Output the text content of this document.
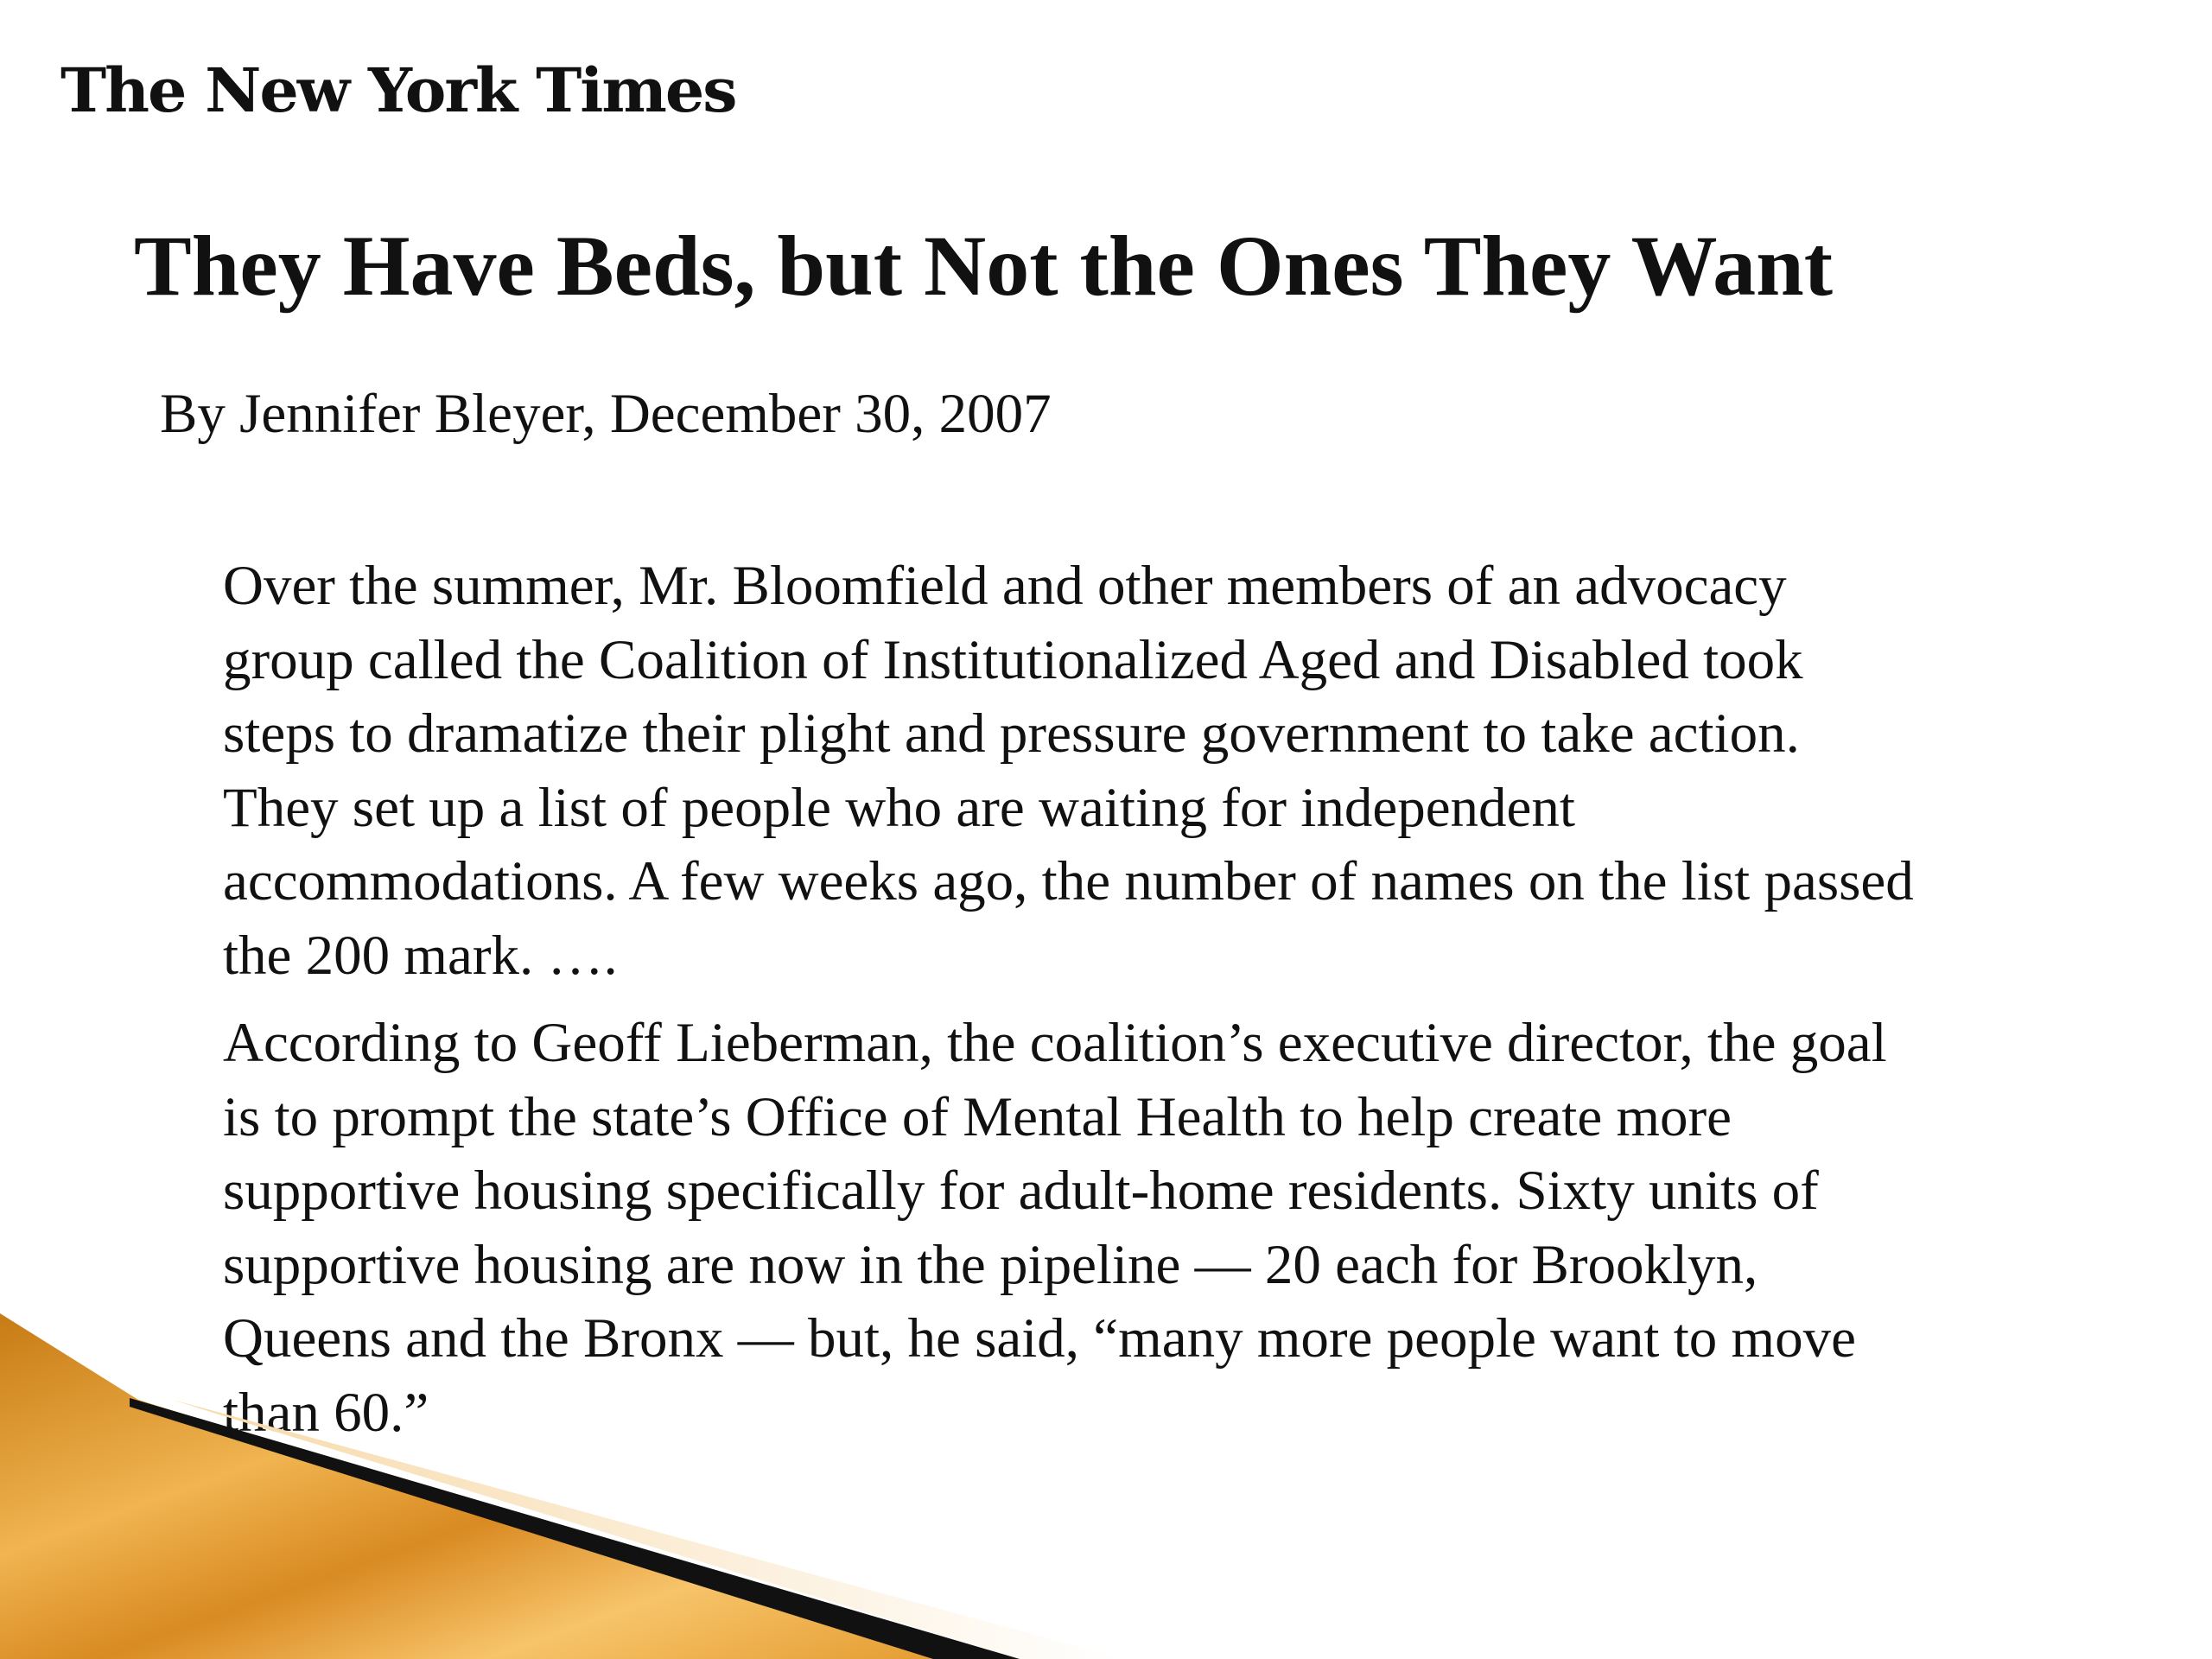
The New York Times
They Have Beds, but Not the Ones They Want
By Jennifer Bleyer, December 30, 2007

Over the summer, Mr. Bloomfield and other members of an advocacy
group called the Coalition of Institutionalized Aged and Disabled took
steps to dramatize their plight and pressure government to take action.
They set up a list of people who are waiting for independent
accommodations. A few weeks ago, the number of names on the list passed
the 200 mark. ….

According to Geoff Lieberman, the coalition’s executive director, the goal
is to prompt the state’s Office of Mental Health to help create more
supportive housing specifically for adult-home residents. Sixty units of
supportive housing are now in the pipeline — 20 each for Brooklyn,
Queens and the Bronx — but, he said, “many more people want to move
than 60.”
